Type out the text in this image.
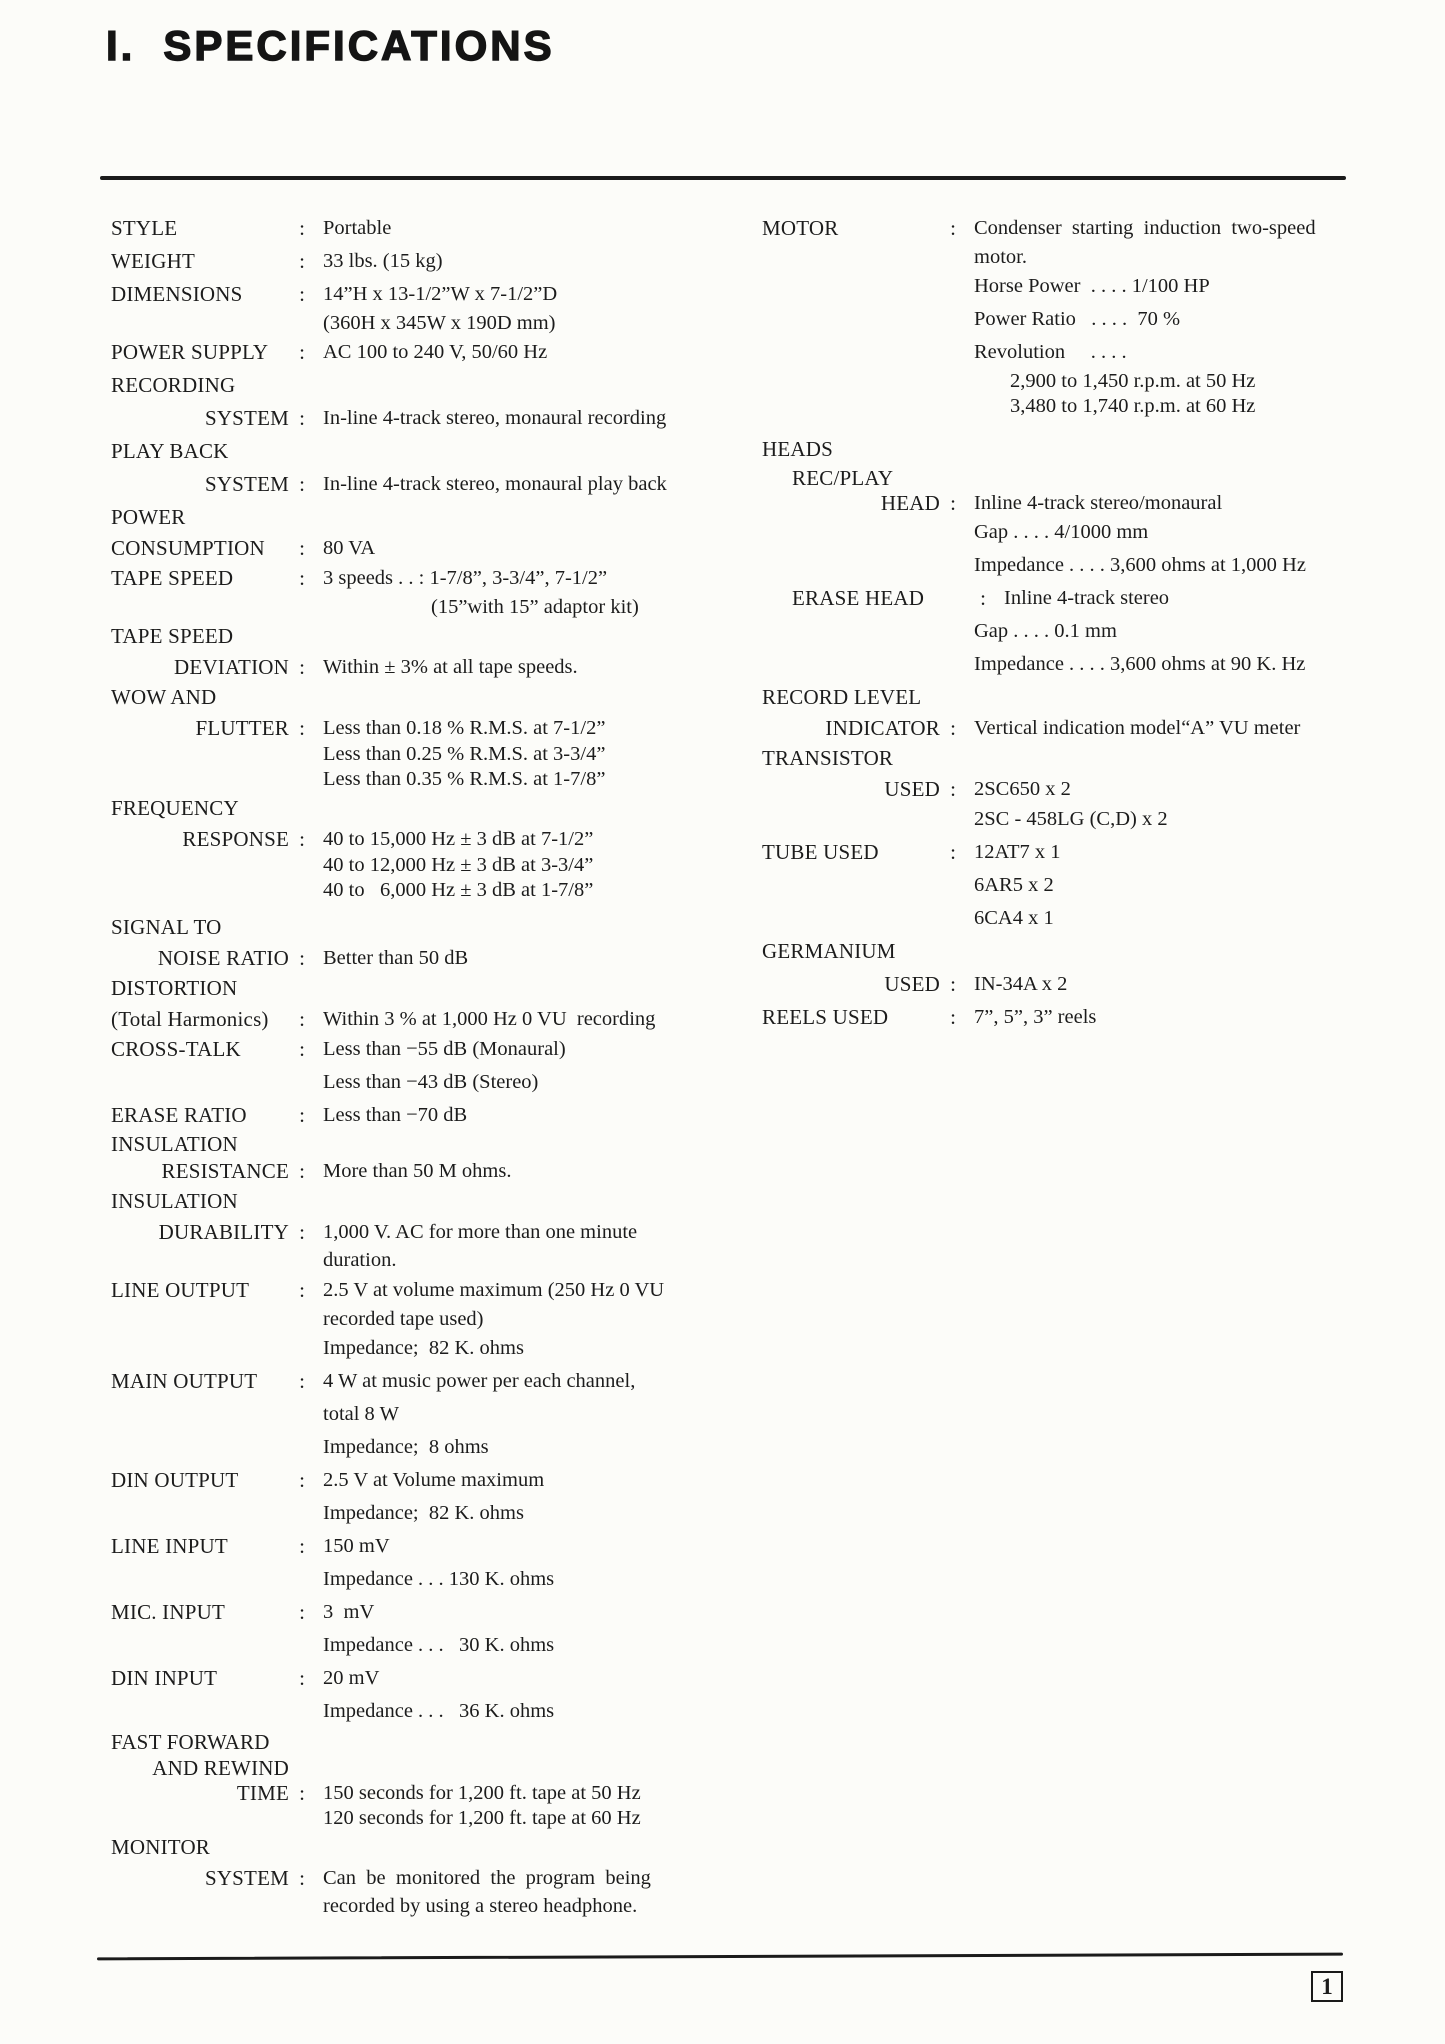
I. SPECIFICATIONS
STYLE	: Portable
WEIGHT	: 33 lbs. (15 kg)
DIMENSIONS	: 14”H x 13-1/2”W x 7-1/2”D
(360H x 345W x 190D mm)
POWER SUPPLY	: AC 100 to 240 V, 50/60 Hz
RECORDING
SYSTEM : In-line 4-track stereo, monaural recording
PLAY BACK
SYSTEM : In-line 4-track stereo, monaural play back
POWER
CONSUMPTION	: 80 VA
TAPE SPEED	: 3 speeds . . : 1-7/8”, 3-3/4”, 7-1/2”
(15”with 15” adaptor kit)
TAPE SPEED
DEVIATION : Within ± 3% at all tape speeds.
WOW AND
FLUTTER : Less than 0.18 % R.M.S. at 7-1/2”
Less than 0.25 % R.M.S. at 3-3/4”
Less than 0.35 % R.M.S. at 1-7/8”
FREQUENCY
RESPONSE : 40 to 15,000 Hz ± 3 dB at 7-1/2”
40 to 12,000 Hz ± 3 dB at 3-3/4”
40 to   6,000 Hz ± 3 dB at 1-7/8”
SIGNAL TO
NOISE RATIO : Better than 50 dB
DISTORTION
(Total Harmonics)	: Within 3 % at 1,000 Hz 0 VU  recording
CROSS-TALK	: Less than −55 dB (Monaural)
Less than −43 dB (Stereo)
ERASE RATIO	: Less than −70 dB
INSULATION
RESISTANCE : More than 50 M ohms.
INSULATION
DURABILITY : 1,000 V. AC for more than one minute
duration.
LINE OUTPUT	: 2.5 V at volume maximum (250 Hz 0 VU
recorded tape used)
Impedance;  82 K. ohms
MAIN OUTPUT	: 4 W at music power per each channel,
total 8 W
Impedance;  8 ohms
DIN OUTPUT	: 2.5 V at Volume maximum
Impedance;  82 K. ohms
LINE INPUT	: 150 mV
Impedance . . . 130 K. ohms
MIC. INPUT	: 3  mV
Impedance . . .   30 K. ohms
DIN INPUT	: 20 mV
Impedance . . .   36 K. ohms
FAST FORWARD
AND REWIND
TIME : 150 seconds for 1,200 ft. tape at 50 Hz
120 seconds for 1,200 ft. tape at 60 Hz
MONITOR
SYSTEM : Can  be  monitored  the  program  being
recorded by using a stereo headphone.
MOTOR	: Condenser  starting  induction  two-speed
motor.
Horse Power  . . . . 1/100 HP
Power Ratio   . . . .  70 %
Revolution     . . . .
2,900 to 1,450 r.p.m. at 50 Hz
3,480 to 1,740 r.p.m. at 60 Hz
HEADS
REC/PLAY
HEAD : Inline 4-track stereo/monaural
Gap . . . . 4/1000 mm
Impedance . . . . 3,600 ohms at 1,000 Hz
ERASE HEAD	: Inline 4-track stereo
Gap . . . . 0.1 mm
Impedance . . . . 3,600 ohms at 90 K. Hz
RECORD LEVEL
INDICATOR : Vertical indication model“A” VU meter
TRANSISTOR
USED : 2SC650 x 2
2SC - 458LG (C,D) x 2
TUBE USED	: 12AT7 x 1
6AR5 x 2
6CA4 x 1
GERMANIUM
USED : IN-34A x 2
REELS USED	: 7”, 5”, 3” reels
1
